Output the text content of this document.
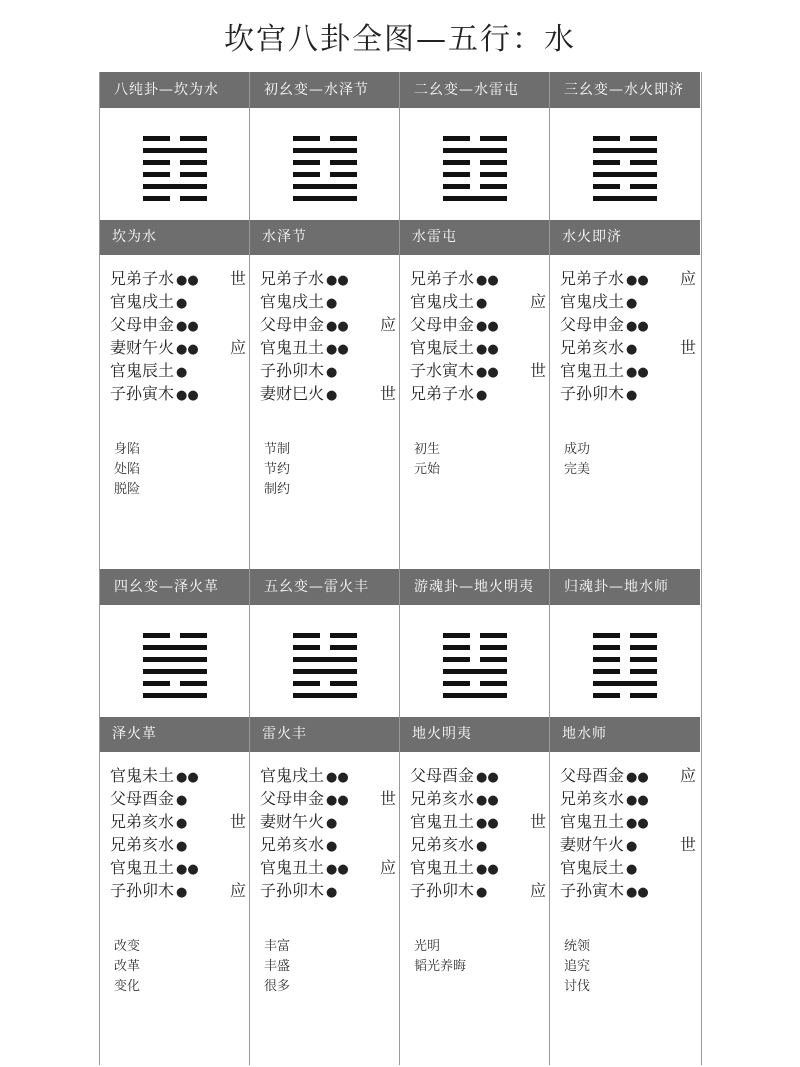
坎宫八卦全图—五行：水
八纯卦—坎为水
坎为水
兄弟子水 ●● 世
官鬼戌土 ●
父母申金 ●●
妻财午火 ●● 应
官鬼辰土 ●
子孙寅木 ●●
身陷
处陷
脱险
初幺变—水泽节
水泽节
兄弟子水 ●●
官鬼戌土 ●
父母申金 ●● 应
官鬼丑土 ●●
子孙卯木 ●
妻财巳火 ●	世
节制
节约
制约
二幺变—水雷屯
水雷屯
兄弟子水 ●●
官鬼戌土 ●	应
父母申金 ●●
官鬼辰土 ●●
子水寅木 ●● 世
兄弟子水 ●
初生
元始
三幺变—水火即济
水火即济
兄弟子水 ●● 应
官鬼戌土 ●
父母申金 ●●
兄弟亥水 ●	世
官鬼丑土 ●●
子孙卯木 ●
成功
完美
四幺变—泽火革
泽火革
官鬼未土 ●●
父母酉金 ●
兄弟亥水 ●	世
兄弟亥水 ●
官鬼丑土 ●●
子孙卯木 ●	应
改变
改革
变化
五幺变—雷火丰
雷火丰
官鬼戌土 ●●
父母申金 ●● 世
妻财午火 ●
兄弟亥水 ●
官鬼丑土 ●● 应
子孙卯木 ●
丰富
丰盛
很多
游魂卦—地火明夷
地火明夷
父母酉金 ●●
兄弟亥水 ●●
官鬼丑土 ●● 世
兄弟亥水 ●
官鬼丑土 ●●
子孙卯木 ●	应
光明
韬光养晦
归魂卦—地水师
地水师
父母酉金 ●● 应
兄弟亥水 ●●
官鬼丑土 ●●
妻财午火 ●	世
官鬼辰土 ●
子孙寅木 ●●
统领
追究
讨伐
